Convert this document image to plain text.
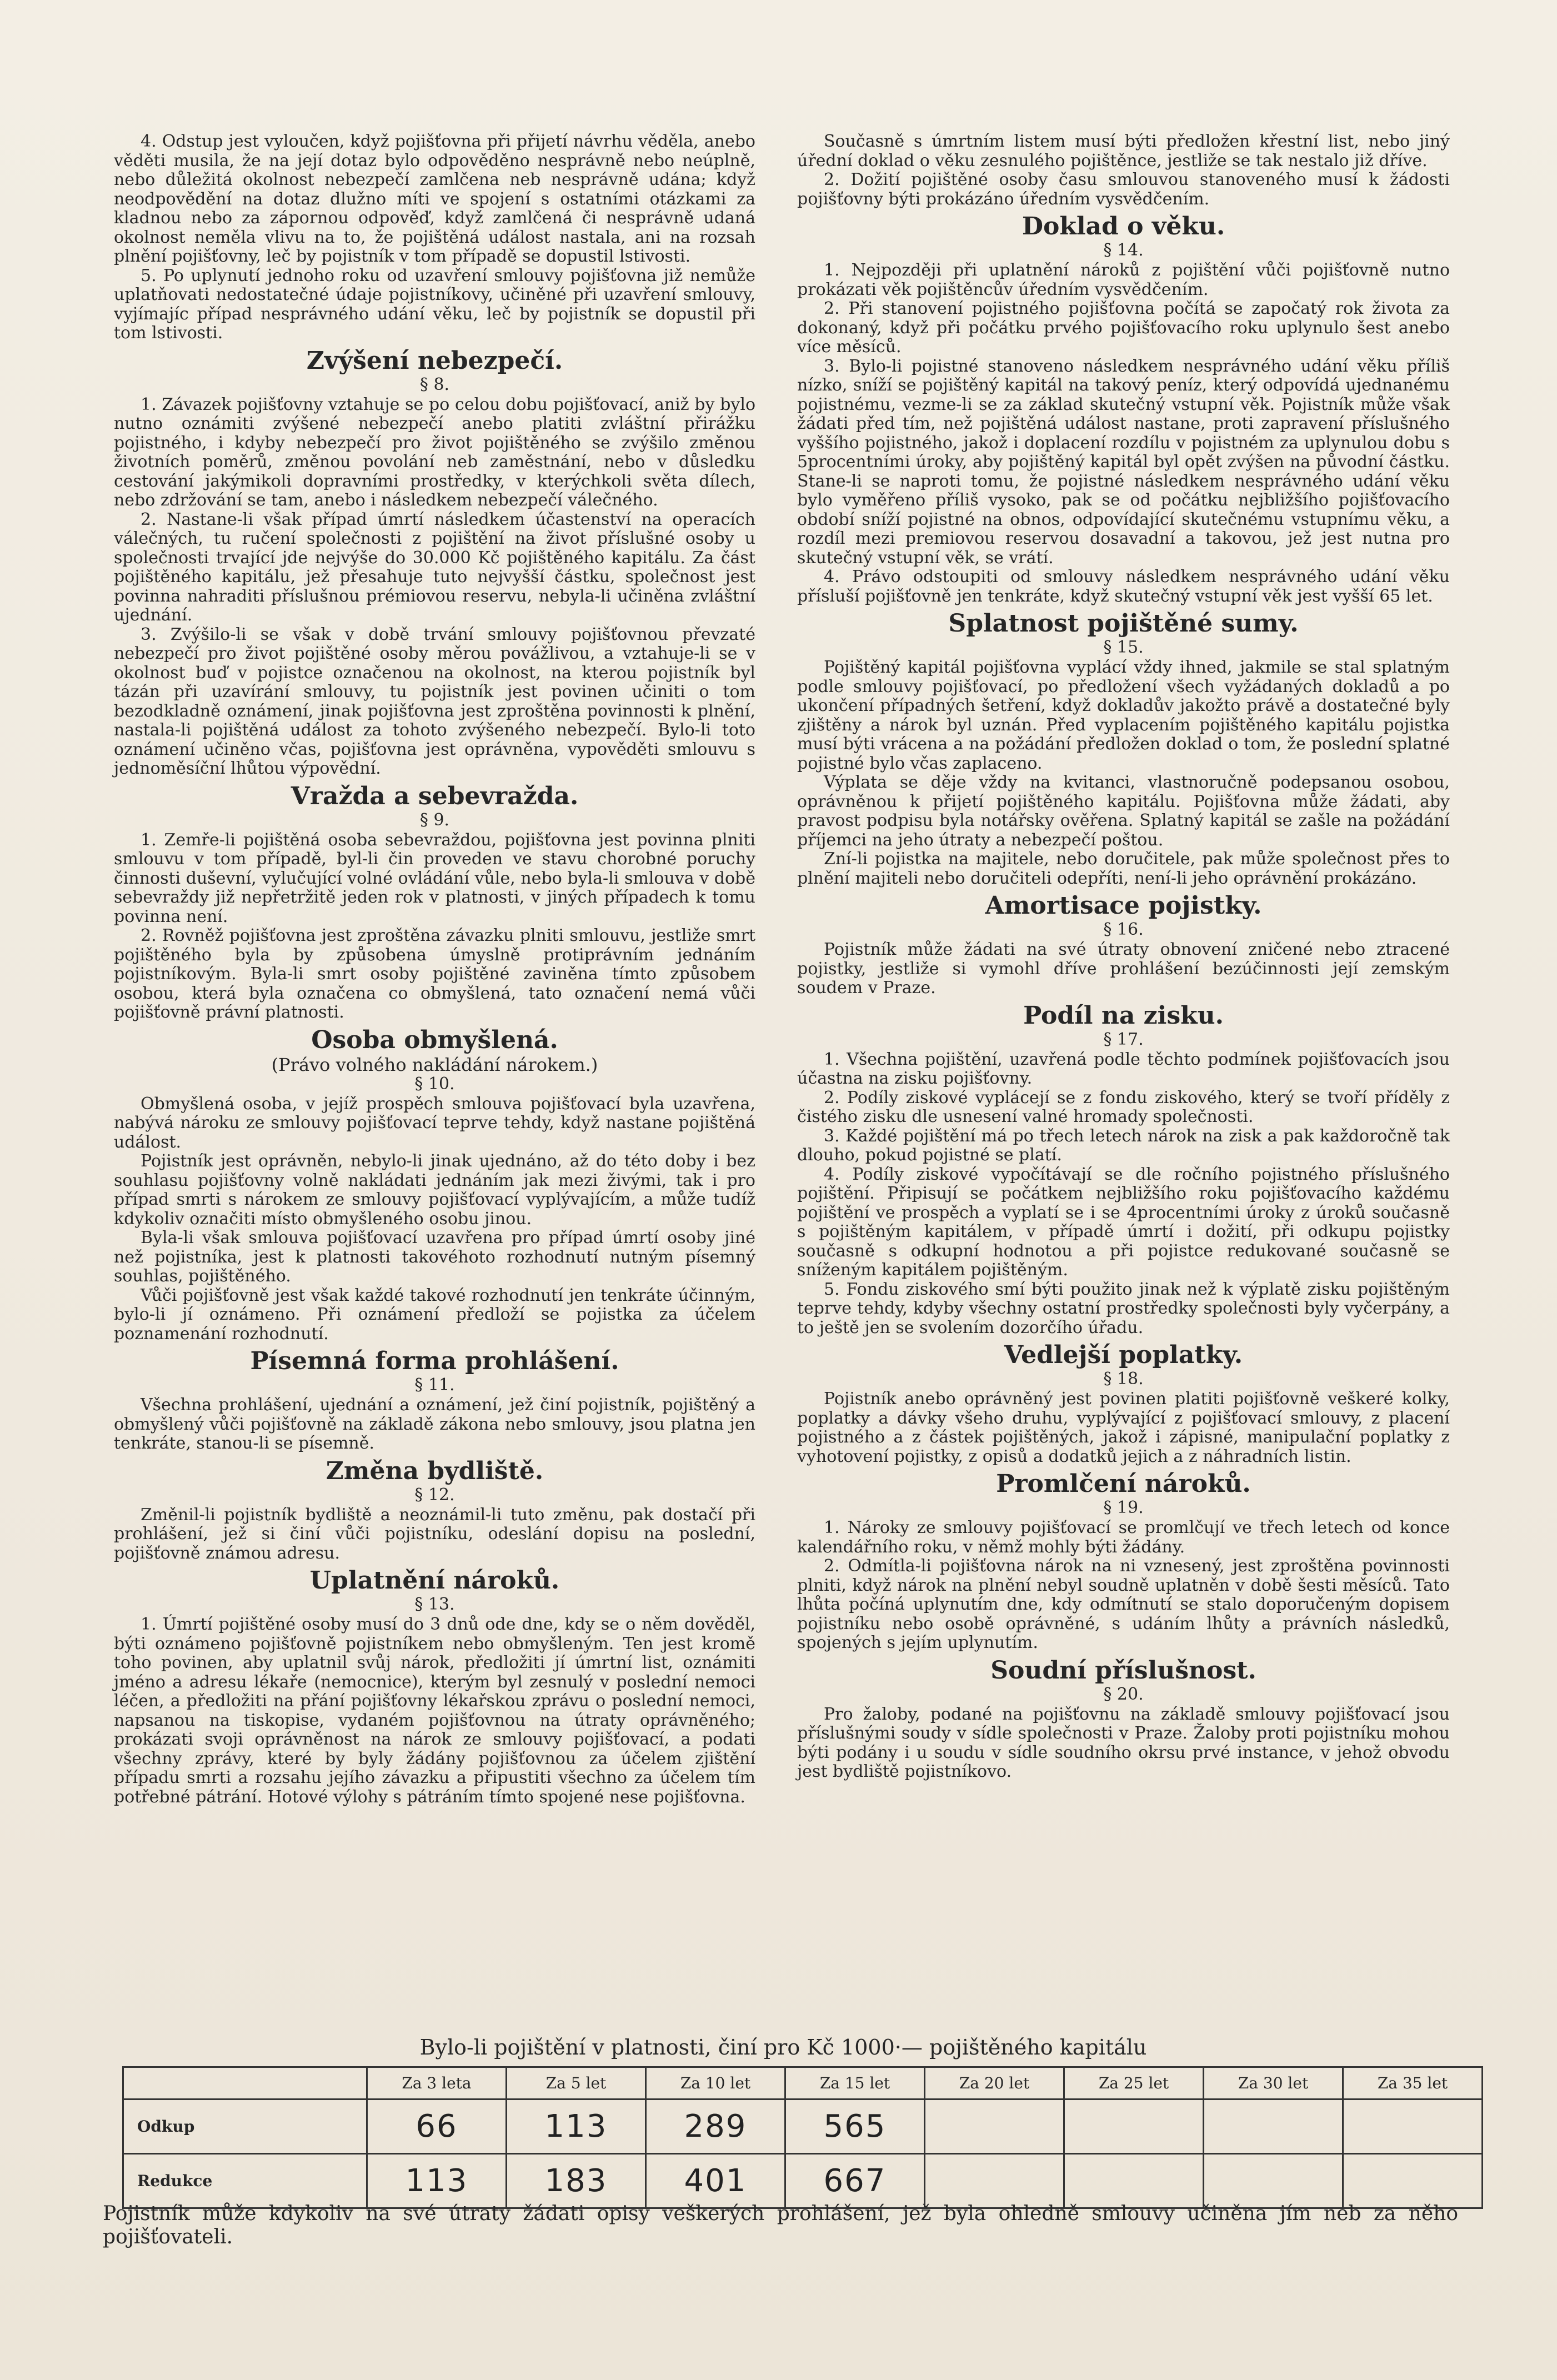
4. Odstup jest vyloučen, když pojišťovna při přijetí návrhu věděla, anebo věděti musila, že na její dotaz bylo odpověděno nesprávně nebo neúplně, nebo důležitá okolnost nebezpečí zamlčena neb nesprávně udána; když neodpovědění na dotaz dlužno míti ve spojení s ostatními otázkami za kladnou nebo za zápornou odpověď, když zamlčená či nesprávně udaná okolnost neměla vlivu na to, že pojištěná událost nastala, ani na rozsah plnění pojišťovny, leč by pojistník v tom případě se dopustil lstivosti.

5. Po uplynutí jednoho roku od uzavření smlouvy pojišťovna již nemůže uplatňovati nedostatečné údaje pojistníkovy, učiněné při uzavření smlouvy, vyjímajíc případ nesprávného udání věku, leč by pojistník se dopustil při tom lstivosti.

Zvýšení nebezpečí.
§ 8.

1. Závazek pojišťovny vztahuje se po celou dobu pojišťovací, aniž by bylo nutno oznámiti zvýšené nebezpečí anebo platiti zvláštní přirážku pojistného, i kdyby nebezpečí pro život pojištěného se zvýšilo změnou životních poměrů, změnou povolání neb zaměstnání, nebo v důsledku cestování jakýmikoli dopravními prostředky, v kterýchkoli světa dílech, nebo zdržování se tam, anebo i následkem nebezpečí válečného.

2. Nastane-li však případ úmrtí následkem účastenství na operacích válečných, tu ručení společnosti z pojištění na život příslušné osoby u společnosti trvající jde nejvýše do 30.000 Kč pojištěného kapitálu. Za část pojištěného kapitálu, jež přesahuje tuto nejvyšší částku, společnost jest povinna nahraditi příslušnou prémiovou reservu, nebyla-li učiněna zvláštní ujednání.

3. Zvýšilo-li se však v době trvání smlouvy pojišťovnou převzaté nebezpečí pro život pojištěné osoby měrou povážlivou, a vztahuje-li se v okolnost buď v pojistce označenou na okolnost, na kterou pojistník byl tázán při uzavírání smlouvy, tu pojistník jest povinen učiniti o tom bezodkladně oznámení, jinak pojišťovna jest zproštěna povinnosti k plnění, nastala-li pojištěná událost za tohoto zvýšeného nebezpečí. Bylo-li toto oznámení učiněno včas, pojišťovna jest oprávněna, vypověděti smlouvu s jednoměsíční lhůtou výpovědní.

Vražda a sebevražda.
§ 9.

1. Zemře-li pojištěná osoba sebevraždou, pojišťovna jest povinna plniti smlouvu v tom případě, byl-li čin proveden ve stavu chorobné poruchy činnosti duševní, vylučující volné ovládání vůle, nebo byla-li smlouva v době sebevraždy již nepřetržitě jeden rok v platnosti, v jiných případech k tomu povinna není.

2. Rovněž pojišťovna jest zproštěna závazku plniti smlouvu, jestliže smrt pojištěného byla by způsobena úmyslně protiprávním jednáním pojistníkovým. Byla-li smrt osoby pojištěné zaviněna tímto způsobem osobou, která byla označena co obmyšlená, tato označení nemá vůči pojišťovně právní platnosti.

Osoba obmyšlená.
(Právo volného nakládání nárokem.)
§ 10.

Obmyšlená osoba, v jejíž prospěch smlouva pojišťovací byla uzavřena, nabývá nároku ze smlouvy pojišťovací teprve tehdy, když nastane pojištěná událost.

Pojistník jest oprávněn, nebylo-li jinak ujednáno, až do této doby i bez souhlasu pojišťovny volně nakládati jednáním jak mezi živými, tak i pro případ smrti s nárokem ze smlouvy pojišťovací vyplývajícím, a může tudíž kdykoliv označiti místo obmyšleného osobu jinou.

Byla-li však smlouva pojišťovací uzavřena pro případ úmrtí osoby jiné než pojistníka, jest k platnosti takovéhoto rozhodnutí nutným písemný souhlas, pojištěného.

Vůči pojišťovně jest však každé takové rozhodnutí jen tenkráte účinným, bylo-li jí oznámeno. Při oznámení předloží se pojistka za účelem poznamenání rozhodnutí.

Písemná forma prohlášení.
§ 11.

Všechna prohlášení, ujednání a oznámení, jež činí pojistník, pojištěný a obmyšlený vůči pojišťovně na základě zákona nebo smlouvy, jsou platna jen tenkráte, stanou-li se písemně.

Změna bydliště.
§ 12.

Změnil-li pojistník bydliště a neoznámil-li tuto změnu, pak dostačí při prohlášení, jež si činí vůči pojistníku, odeslání dopisu na poslední, pojišťovně známou adresu.

Uplatnění nároků.
§ 13.

1. Úmrtí pojištěné osoby musí do 3 dnů ode dne, kdy se o něm dověděl, býti oznámeno pojišťovně pojistníkem nebo obmyšleným. Ten jest kromě toho povinen, aby uplatnil svůj nárok, předložiti jí úmrtní list, oznámiti jméno a adresu lékaře (nemocnice), kterým byl zesnulý v poslední nemoci léčen, a předložiti na přání pojišťovny lékařskou zprávu o poslední nemoci, napsanou na tiskopise, vydaném pojišťovnou na útraty oprávněného; prokázati svoji oprávněnost na nárok ze smlouvy pojišťovací, a podati všechny zprávy, které by byly žádány pojišťovnou za účelem zjištění případu smrti a rozsahu jejího závazku a připustiti všechno za účelem tím potřebné pátrání. Hotové výlohy s pátráním tímto spojené nese pojišťovna.

Současně s úmrtním listem musí býti předložen křestní list, nebo jiný úřední doklad o věku zesnulého pojištěnce, jestliže se tak nestalo již dříve.

2. Dožití pojištěné osoby času smlouvou stanoveného musí k žádosti pojišťovny býti prokázáno úředním vysvědčením.

Doklad o věku.
§ 14.

1. Nejpozději při uplatnění nároků z pojištění vůči pojišťovně nutno prokázati věk pojištěncův úředním vysvědčením.

2. Při stanovení pojistného pojišťovna počítá se započatý rok života za dokonaný, když při počátku prvého pojišťovacího roku uplynulo šest anebo více měsíců.

3. Bylo-li pojistné stanoveno následkem nesprávného udání věku příliš nízko, sníží se pojištěný kapitál na takový peníz, který odpovídá ujednanému pojistnému, vezme-li se za základ skutečný vstupní věk. Pojistník může však žádati před tím, než pojištěná událost nastane, proti zapravení příslušného vyššího pojistného, jakož i doplacení rozdílu v pojistném za uplynulou dobu s 5procentními úroky, aby pojištěný kapitál byl opět zvýšen na původní částku. Stane-li se naproti tomu, že pojistné následkem nesprávného udání věku bylo vyměřeno příliš vysoko, pak se od počátku nejbližšího pojišťovacího období sníží pojistné na obnos, odpovídající skutečnému vstupnímu věku, a rozdíl mezi premiovou reservou dosavadní a takovou, jež jest nutna pro skutečný vstupní věk, se vrátí.

4. Právo odstoupiti od smlouvy následkem nesprávného udání věku přísluší pojišťovně jen tenkráte, když skutečný vstupní věk jest vyšší 65 let.

Splatnost pojištěné sumy.
§ 15.

Pojištěný kapitál pojišťovna vyplácí vždy ihned, jakmile se stal splatným podle smlouvy pojišťovací, po předložení všech vyžádaných dokladů a po ukončení případných šetření, když dokladův jakožto právě a dostatečné byly zjištěny a nárok byl uznán. Před vyplacením pojištěného kapitálu pojistka musí býti vrácena a na požádání předložen doklad o tom, že poslední splatné pojistné bylo včas zaplaceno.

Výplata se děje vždy na kvitanci, vlastnoručně podepsanou osobou, oprávněnou k přijetí pojištěného kapitálu. Pojišťovna může žádati, aby pravost podpisu byla notářsky ověřena. Splatný kapitál se zašle na požádání příjemci na jeho útraty a nebezpečí poštou.

Zní-li pojistka na majitele, nebo doručitele, pak může společnost přes to plnění majiteli nebo doručiteli odepříti, není-li jeho oprávnění prokázáno.

Amortisace pojistky.
§ 16.

Pojistník může žádati na své útraty obnovení zničené nebo ztracené pojistky, jestliže si vymohl dříve prohlášení bezúčinnosti její zemským soudem v Praze.

Podíl na zisku.
§ 17.

1. Všechna pojištění, uzavřená podle těchto podmínek pojišťovacích jsou účastna na zisku pojišťovny.

2. Podíly ziskové vyplácejí se z fondu ziskového, který se tvoří příděly z čistého zisku dle usnesení valné hromady společnosti.

3. Každé pojištění má po třech letech nárok na zisk a pak každoročně tak dlouho, pokud pojistné se platí.

4. Podíly ziskové vypočítávají se dle ročního pojistného příslušného pojištění. Připisují se počátkem nejbližšího roku pojišťovacího každému pojištění ve prospěch a vyplatí se i se 4procentními úroky z úroků současně s pojištěným kapitálem, v případě úmrtí i dožití, při odkupu pojistky současně s odkupní hodnotou a při pojistce redukované současně se sníženým kapitálem pojištěným.

5. Fondu ziskového smí býti použito jinak než k výplatě zisku pojištěným teprve tehdy, kdyby všechny ostatní prostředky společnosti byly vyčerpány, a to ještě jen se svolením dozorčího úřadu.

Vedlejší poplatky.
§ 18.

Pojistník anebo oprávněný jest povinen platiti pojišťovně veškeré kolky, poplatky a dávky všeho druhu, vyplývající z pojišťovací smlouvy, z placení pojistného a z částek pojištěných, jakož i zápisné, manipulační poplatky z vyhotovení pojistky, z opisů a dodatků jejich a z náhradních listin.

Promlčení nároků.
§ 19.

1. Nároky ze smlouvy pojišťovací se promlčují ve třech letech od konce kalendářního roku, v němž mohly býti žádány.

2. Odmítla-li pojišťovna nárok na ni vznesený, jest zproštěna povinnosti plniti, když nárok na plnění nebyl soudně uplatněn v době šesti měsíců. Tato lhůta počíná uplynutím dne, kdy odmítnutí se stalo doporučeným dopisem pojistníku nebo osobě oprávněné, s udáním lhůty a právních následků, spojených s jejím uplynutím.

Soudní příslušnost.
§ 20.

Pro žaloby, podané na pojišťovnu na základě smlouvy pojišťovací jsou příslušnými soudy v sídle společnosti v Praze. Žaloby proti pojistníku mohou býti podány i u soudu v sídle soudního okrsu prvé instance, v jehož obvodu jest bydliště pojistníkovo.

Bylo-li pojištění v platnosti, činí pro Kč 1000·— pojištěného kapitálu
	Za 3 leta	Za 5 let	Za 10 let	Za 15 let	Za 20 let	Za 25 let	Za 30 let	Za 35 let
Odkup	66	113	289	565				
Redukce	113	183	401	667				
Pojistník může kdykoliv na své útraty žádati opisy veškerých prohlášení, jež byla ohledně smlouvy učiněna jím neb za něho pojišťovateli.
